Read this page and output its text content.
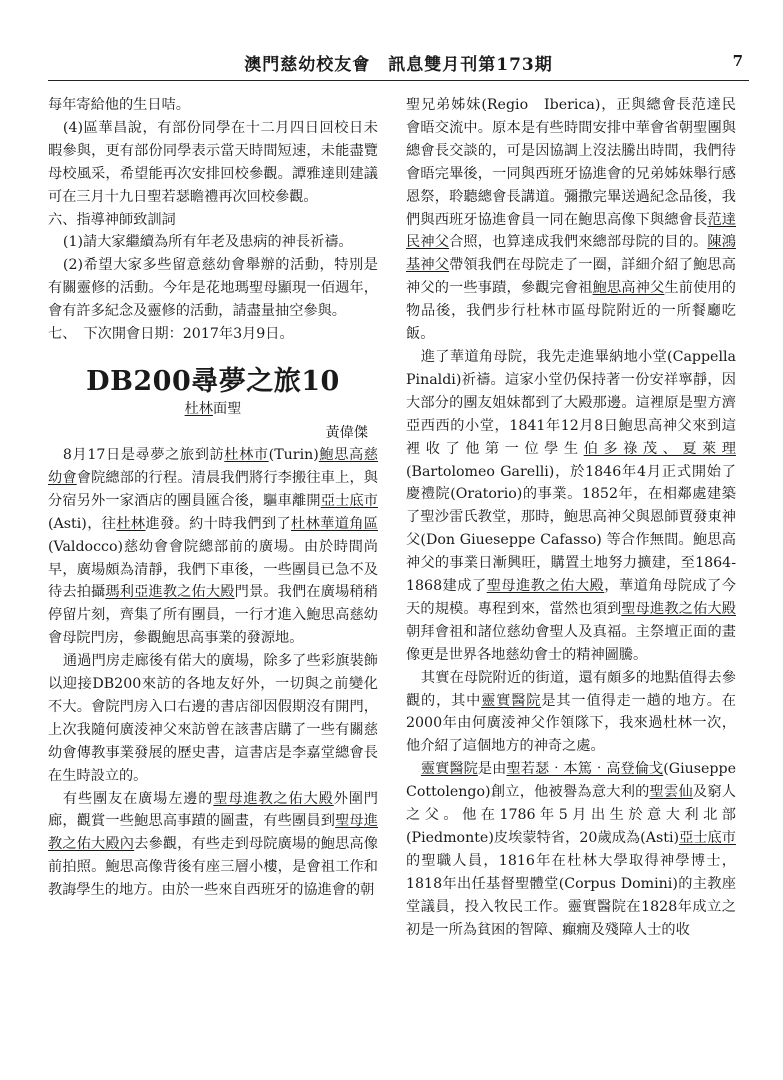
澳門慈幼校友會　訊息雙月刊第173期	7

每年寄給他的生日咭。

(4)區華昌說，有部份同學在十二月四日回校日未暇參與，更有部份同學表示當天時間短速，未能盡覽母校風采，希望能再次安排回校參觀。譚雅達則建議可在三月十九日聖若瑟瞻禮再次回校參觀。

六、指導神師致訓詞

(1)請大家繼續為所有年老及患病的神長祈禱。

(2)希望大家多些留意慈幼會舉辦的活動，特別是有關靈修的活動。今年是花地瑪聖母顯現一佰週年，會有許多紀念及靈修的活動，請盡量抽空參與。

七、　下次開會日期：2017年3月9日。

DB200尋夢之旅10
杜林面聖
黃偉傑

8月17日是尋夢之旅到訪杜林市(Turin)鮑思高慈幼會會院總部的行程。清晨我們將行李搬往車上，與分宿另外一家酒店的團員匯合後，驅車離開亞士底市(Asti)，往杜林進發。約十時我們到了杜林華道角區(Valdocco)慈幼會會院總部前的廣場。由於時間尚早，廣場頗為清靜，我們下車後，一些團員已急不及待去拍攝瑪利亞進教之佑大殿門景。我們在廣場稍稍停留片刻，齊集了所有團員，一行才進入鮑思高慈幼會母院門房，參觀鮑思高事業的發源地。

通過門房走廊後有偌大的廣場，除多了些彩旗裝飾以迎接DB200來訪的各地友好外，一切與之前變化不大。會院門房入口右邊的書店卻因假期沒有開門，上次我隨何廣淩神父來訪曾在該書店購了一些有關慈幼會傳教事業發展的歷史書，這書店是李嘉堂總會長在生時設立的。

有些團友在廣場左邊的聖母進教之佑大殿外圍門廊，觀賞一些鮑思高事蹟的圖畫，有些團員到聖母進教之佑大殿內去參觀，有些走到母院廣場的鮑思高像前拍照。鮑思高像背後有座三層小樓，是會祖工作和教誨學生的地方。由於一些來自西班牙的協進會的朝

聖兄弟姊妹(Regio　Iberica)，正與總會長范達民會晤交流中。原本是有些時間安排中華會省朝聖團與總會長交談的，可是因協調上沒法騰出時間，我們待會晤完畢後，一同與西班牙協進會的兄弟姊妹舉行感恩祭，聆聽總會長講道。彌撒完畢送過紀念品後，我們與西班牙協進會員一同在鮑思高像下與總會長范達民神父合照，也算達成我們來總部母院的目的。陳鴻基神父帶領我們在母院走了一圈，詳細介紹了鮑思高神父的一些事蹟，參觀完會祖鮑思高神父生前使用的物品後，我們步行杜林市區母院附近的一所餐廳吃飯。

進了華道角母院，我先走進畢納地小堂(Cappella　Pinaldi)祈禱。這家小堂仍保持著一份安祥寧靜，因大部分的團友姐妹都到了大殿那邊。這裡原是聖方濟亞西西的小堂，1841年12月8日鮑思高神父來到這裡收了他第一位學生伯多祿茂、夏萊理(Bartolomeo Garelli)，於1846年4月正式開始了慶禮院(Oratorio)的事業。1852年，在相鄰處建築了聖沙雷氏教堂，那時，鮑思高神父與恩師賈發東神父(Don Giueseppe Cafasso) 等合作無間。鮑思高神父的事業日漸興旺，購置土地努力擴建，至1864-1868建成了聖母進教之佑大殿，華道角母院成了今天的規模。專程到來，當然也須到聖母進教之佑大殿朝拜會祖和諸位慈幼會聖人及真福。主祭壇正面的畫像更是世界各地慈幼會士的精神圖騰。

其實在母院附近的街道，還有頗多的地點值得去參觀的，其中靈實醫院是其一值得走一趟的地方。在2000年由何廣淩神父作領隊下，我來過杜林一次，他介紹了這個地方的神奇之處。

靈實醫院是由聖若瑟‧本篤‧高登倫戈(Giuseppe　Cottolengo)創立，他被譽為意大利的聖雲仙及窮人之父。他在1786年5月出生於意大利北部(Piedmonte)皮埃蒙特省，20歲成為(Asti)亞士底市的聖職人員，1816年在杜林大學取得神學博士，1818年出任基督聖體堂(Corpus Domini)的主教座堂議員，投入牧民工作。靈實醫院在1828年成立之初是一所為貧困的智障、癲癇及殘障人士的收
